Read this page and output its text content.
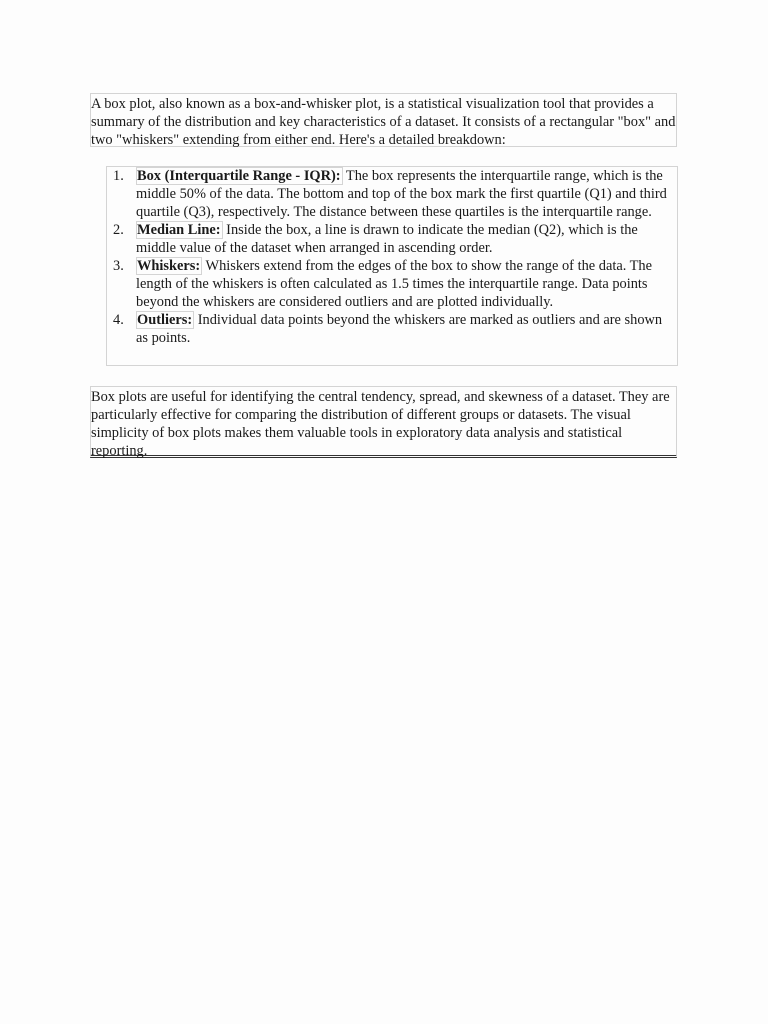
A box plot, also known as a box-and-whisker plot, is a statistical visualization tool that provides a summary of the distribution and key characteristics of a dataset. It consists of a rectangular "box" and two "whiskers" extending from either end. Here's a detailed breakdown:

1. Box (Interquartile Range - IQR): The box represents the interquartile range, which is the middle 50% of the data. The bottom and top of the box mark the first quartile (Q1) and third quartile (Q3), respectively. The distance between these quartiles is the interquartile range.
2. Median Line: Inside the box, a line is drawn to indicate the median (Q2), which is the middle value of the dataset when arranged in ascending order.
3. Whiskers: Whiskers extend from the edges of the box to show the range of the data. The length of the whiskers is often calculated as 1.5 times the interquartile range. Data points beyond the whiskers are considered outliers and are plotted individually.
4. Outliers: Individual data points beyond the whiskers are marked as outliers and are shown as points.

Box plots are useful for identifying the central tendency, spread, and skewness of a dataset. They are particularly effective for comparing the distribution of different groups or datasets. The visual simplicity of box plots makes them valuable tools in exploratory data analysis and statistical reporting.
